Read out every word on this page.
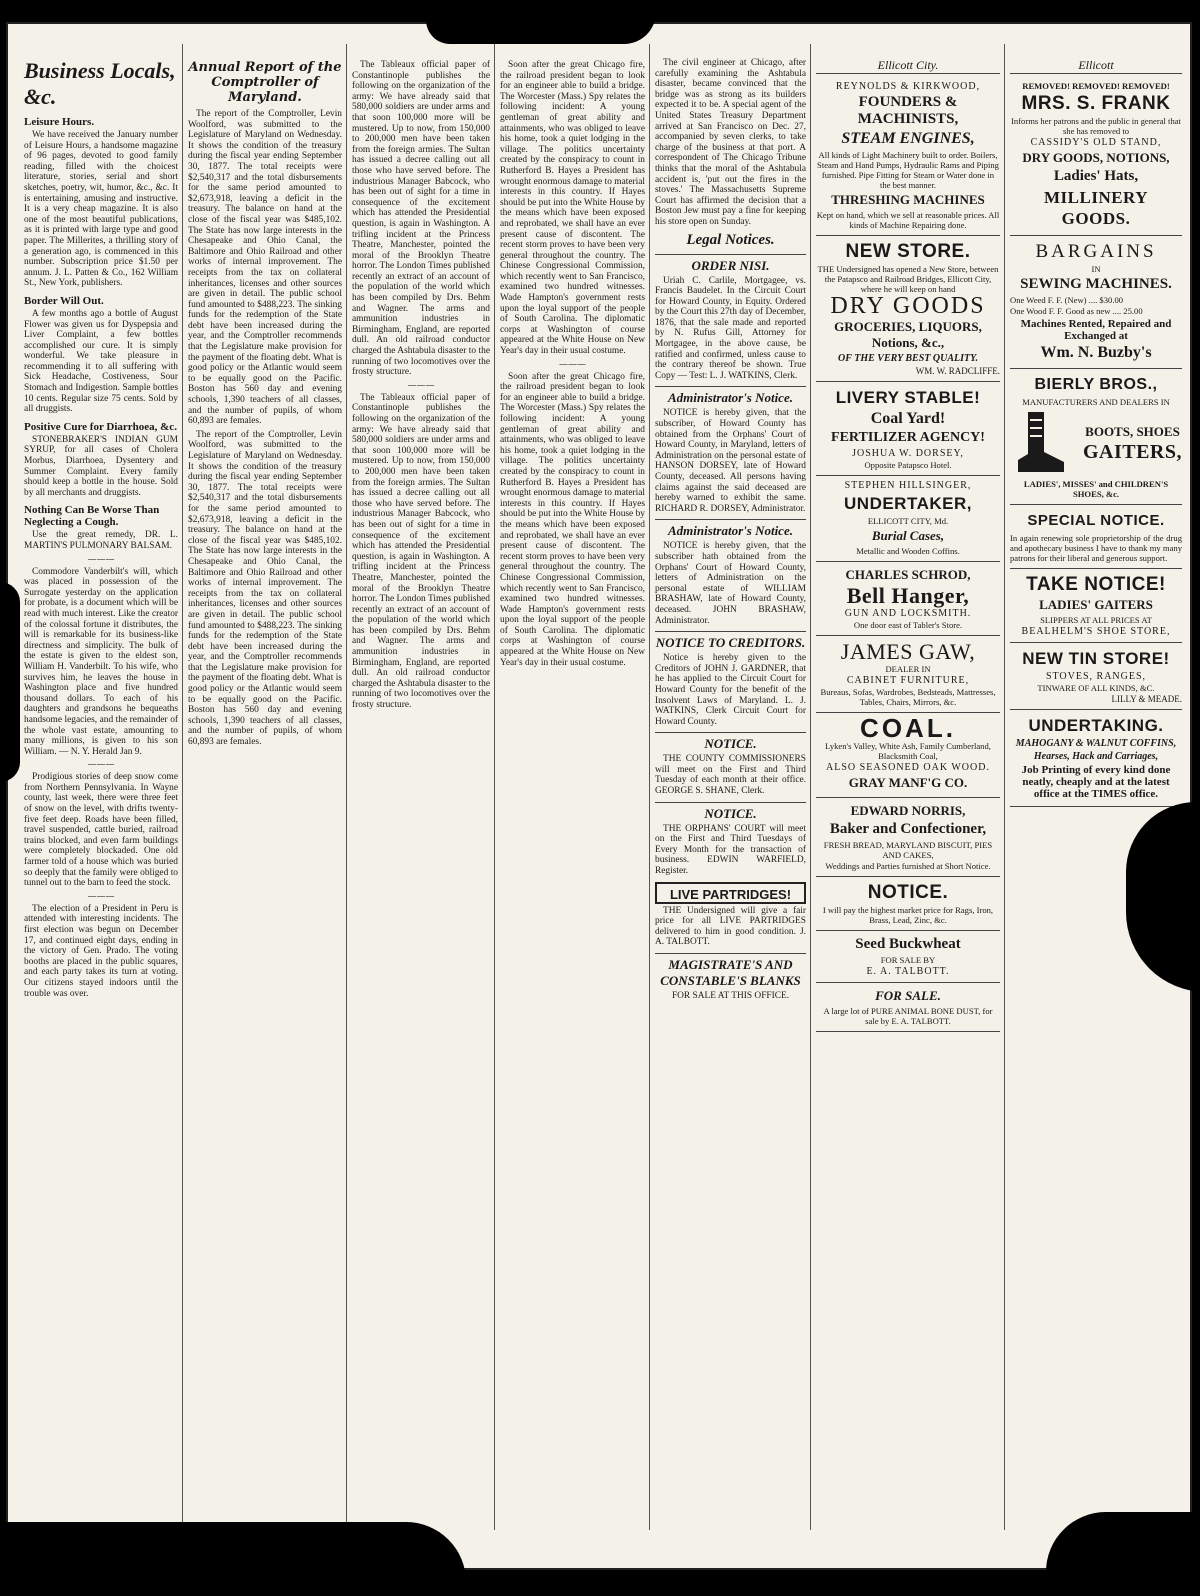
Business Locals, &c.
Leisure Hours.

We have received the January number of Leisure Hours, a handsome magazine of 96 pages, devoted to good family reading, filled with the choicest literature, stories, serial and short sketches, poetry, wit, humor, &c., &c. It is entertaining, amusing and instructive. It is a very cheap magazine. It is also one of the most beautiful publications, as it is printed with large type and good paper. The Millerites, a thrilling story of a generation ago, is commenced in this number. Subscription price $1.50 per annum. J. L. Patten & Co., 162 William St., New York, publishers.

Border Will Out.

A few months ago a bottle of August Flower was given us for Dyspepsia and Liver Complaint, a few bottles accomplished our cure. It is simply wonderful. We take pleasure in recommending it to all suffering with Sick Headache, Costiveness, Sour Stomach and Indigestion. Sample bottles 10 cents. Regular size 75 cents. Sold by all druggists.

Positive Cure for Diarrhoea, &c.

STONEBRAKER'S INDIAN GUM SYRUP, for all cases of Cholera Morbus, Diarrhoea, Dysentery and Summer Complaint. Every family should keep a bottle in the house. Sold by all merchants and druggists.

Nothing Can Be Worse Than Neglecting a Cough.

Use the great remedy, DR. L. MARTIN'S PULMONARY BALSAM.

———

Commodore Vanderbilt's will, which was placed in possession of the Surrogate yesterday on the application for probate, is a document which will be read with much interest. Like the creator of the colossal fortune it distributes, the will is remarkable for its business-like directness and simplicity. The bulk of the estate is given to the eldest son, William H. Vanderbilt. To his wife, who survives him, he leaves the house in Washington place and five hundred thousand dollars. To each of his daughters and grandsons he bequeaths handsome legacies, and the remainder of the whole vast estate, amounting to many millions, is given to his son William. — N. Y. Herald Jan 9.

———

Prodigious stories of deep snow come from Northern Pennsylvania. In Wayne county, last week, there were three feet of snow on the level, with drifts twenty-five feet deep. Roads have been filled, travel suspended, cattle buried, railroad trains blocked, and even farm buildings were completely blockaded. One old farmer told of a house which was buried so deeply that the family were obliged to tunnel out to the barn to feed the stock.

———

The election of a President in Peru is attended with interesting incidents. The first election was begun on December 17, and continued eight days, ending in the victory of Gen. Prado. The voting booths are placed in the public squares, and each party takes its turn at voting. Our citizens stayed indoors until the trouble was over.

Annual Report of the Comptroller of Maryland.

The report of the Comptroller, Levin Woolford, was submitted to the Legislature of Maryland on Wednesday. It shows the condition of the treasury during the fiscal year ending September 30, 1877. The total receipts were $2,540,317 and the total disbursements for the same period amounted to $2,673,918, leaving a deficit in the treasury. The balance on hand at the close of the fiscal year was $485,102. The State has now large interests in the Chesapeake and Ohio Canal, the Baltimore and Ohio Railroad and other works of internal improvement. The receipts from the tax on collateral inheritances, licenses and other sources are given in detail. The public school fund amounted to $488,223. The sinking funds for the redemption of the State debt have been increased during the year, and the Comptroller recommends that the Legislature make provision for the payment of the floating debt. What is good policy or the Atlantic would seem to be equally good on the Pacific. Boston has 560 day and evening schools, 1,390 teachers of all classes, and the number of pupils, of whom 60,893 are females.

The report of the Comptroller, Levin Woolford, was submitted to the Legislature of Maryland on Wednesday. It shows the condition of the treasury during the fiscal year ending September 30, 1877. The total receipts were $2,540,317 and the total disbursements for the same period amounted to $2,673,918, leaving a deficit in the treasury. The balance on hand at the close of the fiscal year was $485,102. The State has now large interests in the Chesapeake and Ohio Canal, the Baltimore and Ohio Railroad and other works of internal improvement. The receipts from the tax on collateral inheritances, licenses and other sources are given in detail. The public school fund amounted to $488,223. The sinking funds for the redemption of the State debt have been increased during the year, and the Comptroller recommends that the Legislature make provision for the payment of the floating debt. What is good policy or the Atlantic would seem to be equally good on the Pacific. Boston has 560 day and evening schools, 1,390 teachers of all classes, and the number of pupils, of whom 60,893 are females.

The Tableaux official paper of Constantinople publishes the following on the organization of the army: We have already said that 580,000 soldiers are under arms and that soon 100,000 more will be mustered. Up to now, from 150,000 to 200,000 men have been taken from the foreign armies. The Sultan has issued a decree calling out all those who have served before. The industrious Manager Babcock, who has been out of sight for a time in consequence of the excitement which has attended the Presidential question, is again in Washington. A trifling incident at the Princess Theatre, Manchester, pointed the moral of the Brooklyn Theatre horror. The London Times published recently an extract of an account of the population of the world which has been compiled by Drs. Behm and Wagner. The arms and ammunition industries in Birmingham, England, are reported dull. An old railroad conductor charged the Ashtabula disaster to the running of two locomotives over the frosty structure.

———

The Tableaux official paper of Constantinople publishes the following on the organization of the army: We have already said that 580,000 soldiers are under arms and that soon 100,000 more will be mustered. Up to now, from 150,000 to 200,000 men have been taken from the foreign armies. The Sultan has issued a decree calling out all those who have served before. The industrious Manager Babcock, who has been out of sight for a time in consequence of the excitement which has attended the Presidential question, is again in Washington. A trifling incident at the Princess Theatre, Manchester, pointed the moral of the Brooklyn Theatre horror. The London Times published recently an extract of an account of the population of the world which has been compiled by Drs. Behm and Wagner. The arms and ammunition industries in Birmingham, England, are reported dull. An old railroad conductor charged the Ashtabula disaster to the running of two locomotives over the frosty structure.

Soon after the great Chicago fire, the railroad president began to look for an engineer able to build a bridge. The Worcester (Mass.) Spy relates the following incident: A young gentleman of great ability and attainments, who was obliged to leave his home, took a quiet lodging in the village. The politics uncertainty created by the conspiracy to count in Rutherford B. Hayes a President has wrought enormous damage to material interests in this country. If Hayes should be put into the White House by the means which have been exposed and reprobated, we shall have an ever present cause of discontent. The recent storm proves to have been very general throughout the country. The Chinese Congressional Commission, which recently went to San Francisco, examined two hundred witnesses. Wade Hampton's government rests upon the loyal support of the people of South Carolina. The diplomatic corps at Washington of course appeared at the White House on New Year's day in their usual costume.

———

Soon after the great Chicago fire, the railroad president began to look for an engineer able to build a bridge. The Worcester (Mass.) Spy relates the following incident: A young gentleman of great ability and attainments, who was obliged to leave his home, took a quiet lodging in the village. The politics uncertainty created by the conspiracy to count in Rutherford B. Hayes a President has wrought enormous damage to material interests in this country. If Hayes should be put into the White House by the means which have been exposed and reprobated, we shall have an ever present cause of discontent. The recent storm proves to have been very general throughout the country. The Chinese Congressional Commission, which recently went to San Francisco, examined two hundred witnesses. Wade Hampton's government rests upon the loyal support of the people of South Carolina. The diplomatic corps at Washington of course appeared at the White House on New Year's day in their usual costume.

The civil engineer at Chicago, after carefully examining the Ashtabula disaster, became convinced that the bridge was as strong as its builders expected it to be. A special agent of the United States Treasury Department arrived at San Francisco on Dec. 27, accompanied by seven clerks, to take charge of the business at that port. A correspondent of The Chicago Tribune thinks that the moral of the Ashtabula accident is, 'put out the fires in the stoves.' The Massachusetts Supreme Court has affirmed the decision that a Boston Jew must pay a fine for keeping his store open on Sunday.

Legal Notices.
ORDER NISI.

Uriah C. Carlile, Mortgagee, vs. Francis Baudelet. In the Circuit Court for Howard County, in Equity. Ordered by the Court this 27th day of December, 1876, that the sale made and reported by N. Rufus Gill, Attorney for Mortgagee, in the above cause, be ratified and confirmed, unless cause to the contrary thereof be shown. True Copy — Test: L. J. WATKINS, Clerk.

Administrator's Notice.

NOTICE is hereby given, that the subscriber, of Howard County has obtained from the Orphans' Court of Howard County, in Maryland, letters of Administration on the personal estate of HANSON DORSEY, late of Howard County, deceased. All persons having claims against the said deceased are hereby warned to exhibit the same. RICHARD R. DORSEY, Administrator.

Administrator's Notice.

NOTICE is hereby given, that the subscriber hath obtained from the Orphans' Court of Howard County, letters of Administration on the personal estate of WILLIAM BRASHAW, late of Howard County, deceased. JOHN BRASHAW, Administrator.

NOTICE TO CREDITORS.

Notice is hereby given to the Creditors of JOHN J. GARDNER, that he has applied to the Circuit Court for Howard County for the benefit of the Insolvent Laws of Maryland. L. J. WATKINS, Clerk Circuit Court for Howard County.

NOTICE.

THE COUNTY COMMISSIONERS will meet on the First and Third Tuesday of each month at their office. GEORGE S. SHANE, Clerk.

NOTICE.

THE ORPHANS' COURT will meet on the First and Third Tuesdays of Every Month for the transaction of business. EDWIN WARFIELD, Register.

LIVE PARTRIDGES!

THE Undersigned will give a fair price for all LIVE PARTRIDGES delivered to him in good condition. J. A. TALBOTT.

MAGISTRATE'S AND CONSTABLE'S BLANKS

FOR SALE AT THIS OFFICE.

Ellicott City.
REYNOLDS & KIRKWOOD,
FOUNDERS & MACHINISTS,
STEAM ENGINES,
All kinds of Light Machinery built to order. Boilers, Steam and Hand Pumps, Hydraulic Rams and Piping furnished. Pipe Fitting for Steam or Water done in the best manner.
THRESHING MACHINES
Kept on hand, which we sell at reasonable prices. All kinds of Machine Repairing done.
NEW STORE.
THE Undersigned has opened a New Store, between the Patapsco and Railroad Bridges, Ellicott City, where he will keep on hand
DRY GOODS
GROCERIES, LIQUORS, Notions, &c.,
OF THE VERY BEST QUALITY.
WM. W. RADCLIFFE.
LIVERY STABLE!
Coal Yard!
FERTILIZER AGENCY!
JOSHUA W. DORSEY,
Opposite Patapsco Hotel.
STEPHEN HILLSINGER,
UNDERTAKER,
ELLICOTT CITY, Md.
Burial Cases,
Metallic and Wooden Coffins.
CHARLES SCHROD,
Bell Hanger,
GUN AND LOCKSMITH.
One door east of Tabler's Store.
JAMES GAW,
DEALER IN
CABINET FURNITURE,
Bureaus, Sofas, Wardrobes, Bedsteads, Mattresses, Tables, Chairs, Mirrors, &c.
COAL.
Lyken's Valley, White Ash, Family Cumberland, Blacksmith Coal,
ALSO SEASONED OAK WOOD.
GRAY MANF'G CO.
EDWARD NORRIS,
Baker and Confectioner,
FRESH BREAD, MARYLAND BISCUIT, PIES AND CAKES,
Weddings and Parties furnished at Short Notice.
NOTICE.
I will pay the highest market price for Rags, Iron, Brass, Lead, Zinc, &c.
Seed Buckwheat
FOR SALE BY
E. A. TALBOTT.
FOR SALE.
A large lot of PURE ANIMAL BONE DUST, for sale by E. A. TALBOTT.
Ellicott
REMOVED! REMOVED! REMOVED!
MRS. S. FRANK
Informs her patrons and the public in general that she has removed to
CASSIDY'S OLD STAND,
DRY GOODS, NOTIONS,
Ladies' Hats,
MILLINERY GOODS.
BARGAINS
IN
SEWING MACHINES.
One Weed F. F. (New) .... $30.00
One Wood F. F. Good as new .... 25.00
Machines Rented, Repaired and Exchanged at
Wm. N. Buzby's
BIERLY BROS.,
MANUFACTURERS AND DEALERS IN
BOOTS, SHOES
GAITERS,
LADIES', MISSES' and CHILDREN'S SHOES, &c.
SPECIAL NOTICE.
In again renewing sole proprietorship of the drug and apothecary business I have to thank my many patrons for their liberal and generous support.
TAKE NOTICE!
LADIES' GAITERS
SLIPPERS AT ALL PRICES AT
BEALHELM'S SHOE STORE,
NEW TIN STORE!
STOVES, RANGES,
TINWARE OF ALL KINDS, &C.
LILLY & MEADE.
UNDERTAKING.
MAHOGANY & WALNUT COFFINS,
Hearses, Hack and Carriages,
Job Printing of every kind done neatly, cheaply and at the latest office at the TIMES office.
